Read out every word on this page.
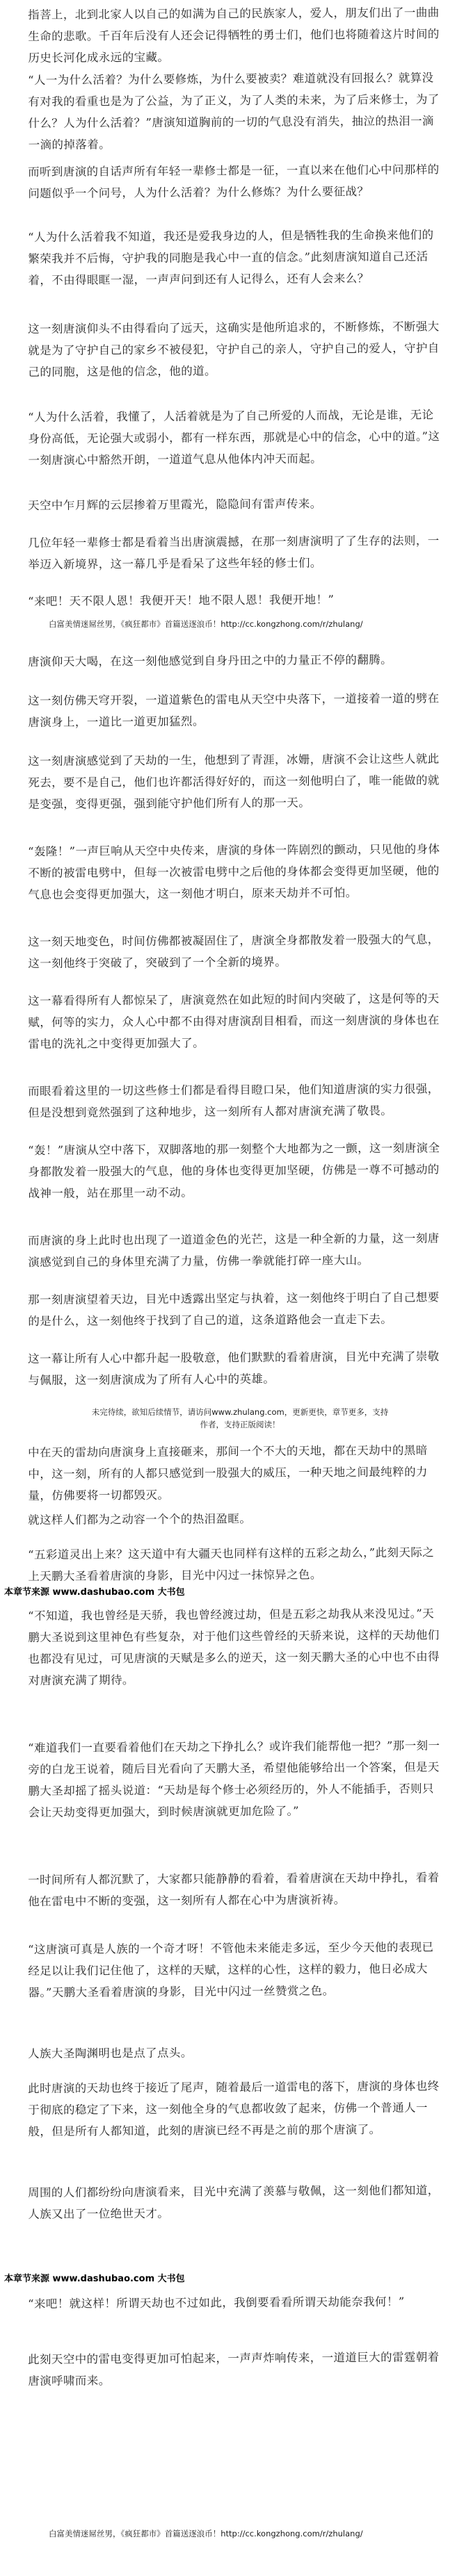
指菩上，北到北家人以自己的如满为自己的民族家人，爱人，朋友们出了一曲曲生命的悲歌。千百年后没有人还会记得牺牲的勇士们，他们也将随着这片时间的历史长河化成永远的宝藏。

“人一为什么活着？为什么要修炼，为什么要被卖？难道就没有回报么？就算没有对我的看重也是为了公益，为了正义，为了人类的未来，为了后来修士，为了什么？人为什么活着？”唐演知道胸前的一切的气息没有消失，抽泣的热泪一滴一滴的掉落着。

而听到唐演的自话声所有年轻一辈修士都是一征，一直以来在他们心中问那样的问题似乎一个问号，人为什么活着？为什么修炼？为什么要征战？

“人为什么活着我不知道，我还是爱我身边的人，但是牺牲我的生命换来他们的繁荣我并不后悔，守护我的同胞是我心中一直的信念。”此刻唐演知道自己还活着，不由得眼眶一湿，一声声问到还有人记得么，还有人会来么？

这一刻唐演仰头不由得看向了远天，这确实是他所追求的，不断修炼，不断强大就是为了守护自己的家乡不被侵犯，守护自己的亲人，守护自己的爱人，守护自己的同胞，这是他的信念，他的道。

“人为什么活着，我懂了，人活着就是为了自己所爱的人而战，无论是谁，无论身份高低，无论强大或弱小，都有一样东西，那就是心中的信念，心中的道。”这一刻唐演心中豁然开朗，一道道气息从他体内冲天而起。

天空中乍月辉的云层掺着万里霞光，隐隐间有雷声传来。

几位年轻一辈修士都是看着当出唐演震撼，在那一刻唐演明了了生存的法则，一举迈入新境界，这一幕几乎是看呆了这些年轻的修士们。

“来吧！天不限人恩！我便开天！地不限人恩！我便开地！”

白富美情迷屌丝男，《疯狂都市》首篇送逐浪币！http://cc.kongzhong.com/r/zhulang/

唐演仰天大喝，在这一刻他感觉到自身丹田之中的力量正不停的翻腾。

这一刻仿佛天穹开裂，一道道紫色的雷电从天空中央落下，一道接着一道的劈在唐演身上，一道比一道更加猛烈。

这一刻唐演感觉到了天劫的一生，他想到了青涯，冰姗，唐演不会让这些人就此死去，要不是自己，他们也许都活得好好的，而这一刻他明白了，唯一能做的就是变强，变得更强，强到能守护他们所有人的那一天。

“轰隆！”一声巨响从天空中央传来，唐演的身体一阵剧烈的颤动，只见他的身体不断的被雷电劈中，但每一次被雷电劈中之后他的身体都会变得更加坚硬，他的气息也会变得更加强大，这一刻他才明白，原来天劫并不可怕。

这一刻天地变色，时间仿佛都被凝固住了，唐演全身都散发着一股强大的气息，这一刻他终于突破了，突破到了一个全新的境界。

这一幕看得所有人都惊呆了，唐演竟然在如此短的时间内突破了，这是何等的天赋，何等的实力，众人心中都不由得对唐演刮目相看，而这一刻唐演的身体也在雷电的洗礼之中变得更加强大了。

而眼看着这里的一切这些修士们都是看得目瞪口呆，他们知道唐演的实力很强，但是没想到竟然强到了这种地步，这一刻所有人都对唐演充满了敬畏。

“轰！”唐演从空中落下，双脚落地的那一刻整个大地都为之一颤，这一刻唐演全身都散发着一股强大的气息，他的身体也变得更加坚硬，仿佛是一尊不可撼动的战神一般，站在那里一动不动。

而唐演的身上此时也出现了一道道金色的光芒，这是一种全新的力量，这一刻唐演感觉到自己的身体里充满了力量，仿佛一拳就能打碎一座大山。

那一刻唐演望着天边，目光中透露出坚定与执着，这一刻他终于明白了自己想要的是什么，这一刻他终于找到了自己的道，这条道路他会一直走下去。

这一幕让所有人心中都升起一股敬意，他们默默的看着唐演，目光中充满了崇敬与佩服，这一刻唐演成为了所有人心中的英雄。

未完待续，欲知后续情节，请访问www.zhulang.com，更新更快，章节更多，支持作者，支持正版阅读！

中在天的雷劫向唐演身上直接砸来，那间一个不大的天地，都在天劫中的黑暗中，这一刻，所有的人都只感觉到一股强大的威压，一种天地之间最纯粹的力量，仿佛要将一切都毁灭。

就这样人们都为之动容一个个的热泪盈眶。

“五彩道灵出上来？这天道中有大疆天也同样有这样的五彩之劫么，”此刻天际之上天鹏大圣看着唐演的身影，目光中闪过一抹惊异之色。

本章节来源 www.dashubao.com 大书包

“不知道，我也曾经是天骄，我也曾经渡过劫，但是五彩之劫我从来没见过。”天鹏大圣说到这里神色有些复杂，对于他们这些曾经的天骄来说，这样的天劫他们也都没有见过，可见唐演的天赋是多么的逆天，这一刻天鹏大圣的心中也不由得对唐演充满了期待。

“难道我们一直要看着他们在天劫之下挣扎么？或许我们能帮他一把？”那一刻一旁的白龙王说着，随后目光看向了天鹏大圣，希望他能够给出一个答案，但是天鹏大圣却摇了摇头说道：“天劫是每个修士必须经历的，外人不能插手，否则只会让天劫变得更加强大，到时候唐演就更加危险了。”

一时间所有人都沉默了，大家都只能静静的看着，看着唐演在天劫中挣扎，看着他在雷电中不断的变强，这一刻所有人都在心中为唐演祈祷。

“这唐演可真是人族的一个奇才呀！不管他未来能走多远，至少今天他的表现已经足以让我们记住他了，这样的天赋，这样的心性，这样的毅力，他日必成大器。”天鹏大圣看着唐演的身影，目光中闪过一丝赞赏之色。

人族大圣陶渊明也是点了点头。

此时唐演的天劫也终于接近了尾声，随着最后一道雷电的落下，唐演的身体也终于彻底的稳定了下来，这一刻他全身的气息都收敛了起来，仿佛一个普通人一般，但是所有人都知道，此刻的唐演已经不再是之前的那个唐演了。

周围的人们都纷纷向唐演看来，目光中充满了羡慕与敬佩，这一刻他们都知道，人族又出了一位绝世天才。

本章节来源 www.dashubao.com 大书包

“来吧！就这样！所谓天劫也不过如此，我倒要看看所谓天劫能奈我何！”

此刻天空中的雷电变得更加可怕起来，一声声炸响传来，一道道巨大的雷霆朝着唐演呼啸而来。

白富美情迷屌丝男，《疯狂都市》首篇送逐浪币！http://cc.kongzhong.com/r/zhulang/
